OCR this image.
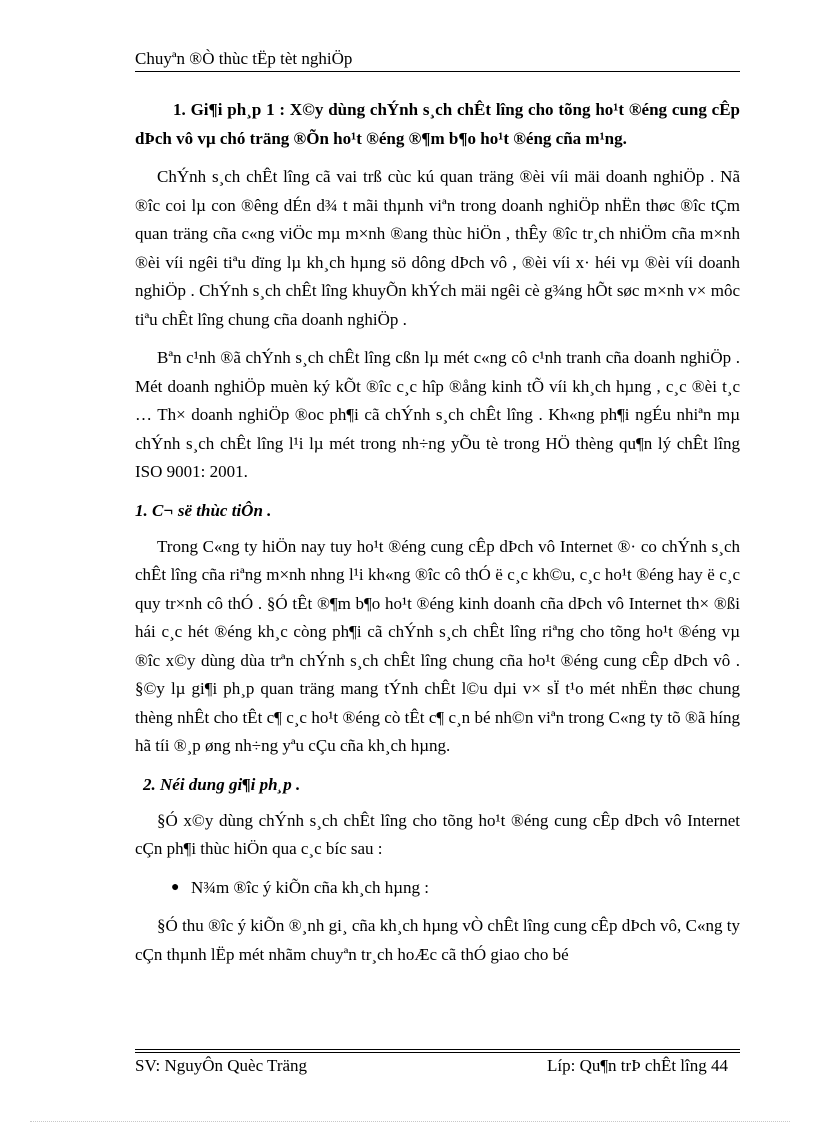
Chuyªn ®Ò thùc tËp tèt nghiÖp

1. Gi¶i ph¸p 1 : X©y dùng chÝnh s¸ch chÊt lîng cho tõng ho¹t ®éng cung cÊp dÞch vô vµ chó träng ®Õn ho¹t ®éng ®¶m b¶o ho¹t ®éng cña m¹ng.

ChÝnh s¸ch chÊt lîng cã vai trß cùc kú quan träng ®èi víi mäi doanh nghiÖp . Nã ®îc coi lµ con ®êng dÉn d¾ t mãi thµnh viªn trong doanh nghiÖp nhËn thøc ®îc tÇm quan träng cña c«ng viÖc mµ m×nh ®ang thùc hiÖn , thÊy ®îc tr¸ch nhiÖm cña m×nh ®èi víi ngêi tiªu dïng lµ kh¸ch hµng sö dông dÞch vô , ®èi víi x· héi vµ ®èi víi doanh nghiÖp . ChÝnh s¸ch chÊt lîng khuyÕn khÝch mäi ngêi cè g¾ng hÕt søc m×nh v× môc tiªu chÊt lîng chung cña doanh nghiÖp .

Bªn c¹nh ®ã chÝnh s¸ch chÊt lîng cßn lµ mét c«ng cô c¹nh tranh cña doanh nghiÖp . Mét doanh nghiÖp muèn ký kÕt ®îc c¸c hîp ®ång kinh tÕ víi kh¸ch hµng , c¸c ®èi t¸c … Th× doanh nghiÖp ®oc ph¶i cã chÝnh s¸ch chÊt lîng . Kh«ng ph¶i ngÉu nhiªn mµ chÝnh s¸ch chÊt lîng l¹i lµ mét trong nh÷ng yÕu tè trong HÖ thèng qu¶n lý chÊt lîng ISO 9001: 2001.

1. C¬ së thùc tiÔn .

Trong C«ng ty hiÖn nay tuy ho¹t ®éng cung cÊp dÞch vô Internet ®· co chÝnh s¸ch chÊt lîng cña riªng m×nh nhng l¹i kh«ng ®îc cô thÓ ë c¸c kh©u, c¸c ho¹t ®éng hay ë c¸c quy tr×nh cô thÓ . §Ó tÊt ®¶m b¶o ho¹t ®éng kinh doanh cña dÞch vô Internet th× ®ßi hái c¸c hét ®éng kh¸c còng ph¶i cã chÝnh s¸ch chÊt lîng riªng cho tõng ho¹t ®éng vµ ®îc x©y dùng dùa trªn chÝnh s¸ch chÊt lîng chung cña ho¹t ®éng cung cÊp dÞch vô . §©y lµ gi¶i ph¸p quan träng mang tÝnh chÊt l©u dµi v× sÏ t¹o mét nhËn thøc chung thèng nhÊt cho tÊt c¶ c¸c ho¹t ®éng cò tÊt c¶ c¸n bé nh©n viªn trong C«ng ty tõ ®ã híng hã tíi ®¸p øng nh÷ng yªu cÇu cña kh¸ch hµng.

2. Néi dung gi¶i ph¸p .

§Ó x©y dùng chÝnh s¸ch chÊt lîng cho tõng ho¹t ®éng cung cÊp dÞch vô Internet cÇn ph¶i thùc hiÖn qua c¸c bíc sau :

● N¾m ®îc ý kiÕn cña kh¸ch hµng :

§Ó thu ®îc ý kiÕn ®¸nh gi¸ cña kh¸ch hµng vÒ chÊt lîng cung cÊp dÞch vô, C«ng ty cÇn thµnh lËp mét nhãm chuyªn tr¸ch hoÆc cã thÓ giao cho bé

SV: NguyÔn Quèc Träng	Líp: Qu¶n trÞ chÊt lîng 44
